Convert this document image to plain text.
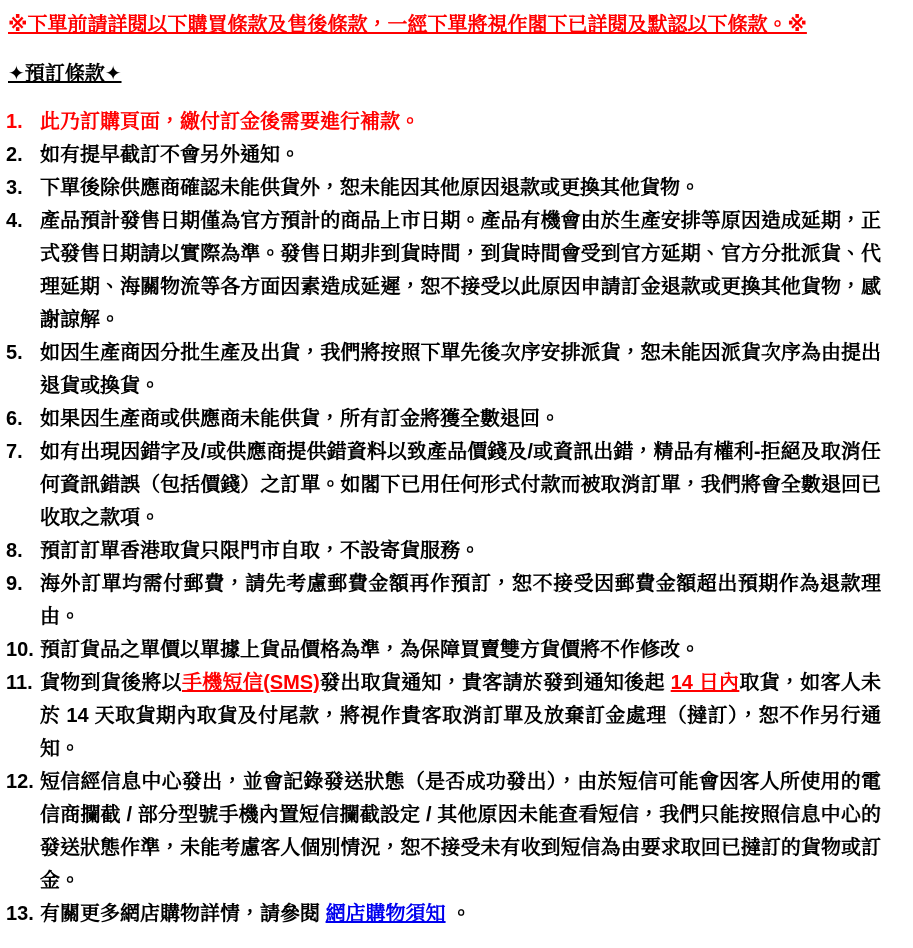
※下單前請詳閱以下購買條款及售後條款，一經下單將視作閣下已詳閱及默認以下條款。※

✦預訂條款✦
1. 此乃訂購頁面，繳付訂金後需要進行補款。
2. 如有提早截訂不會另外通知。
3. 下單後除供應商確認未能供貨外，恕未能因其他原因退款或更換其他貨物。
4. 產品預計發售日期僅為官方預計的商品上市日期。產品有機會由於生產安排等原因造成延期，正式發售日期請以實際為準。發售日期非到貨時間，到貨時間會受到官方延期、官方分批派貨、代理延期、海關物流等各方面因素造成延遲，恕不接受以此原因申請訂金退款或更換其他貨物，感謝諒解。
5. 如因生產商因分批生產及出貨，我們將按照下單先後次序安排派貨，恕未能因派貨次序為由提出退貨或換貨。
6. 如果因生產商或供應商未能供貨，所有訂金將獲全數退回。
7. 如有出現因錯字及/或供應商提供錯資料以致產品價錢及/或資訊出錯，精品有權利-拒絕及取消任何資訊錯誤（包括價錢）之訂單。如閣下已用任何形式付款而被取消訂單，我們將會全數退回已收取之款項。
8. 預訂訂單香港取貨只限門市自取，不設寄貨服務。
9. 海外訂單均需付郵費，請先考慮郵費金額再作預訂，恕不接受因郵費金額超出預期作為退款理由。
10. 預訂貨品之單價以單據上貨品價格為準，為保障買賣雙方貨價將不作修改。
11. 貨物到貨後將以手機短信(SMS)發出取貨通知，貴客請於發到通知後起 14 日內取貨，如客人未於 14 天取貨期內取貨及付尾款，將視作貴客取消訂單及放棄訂金處理（撻訂），恕不作另行通知。
12. 短信經信息中心發出，並會記錄發送狀態（是否成功發出），由於短信可能會因客人所使用的電信商攔截 / 部分型號手機內置短信攔截設定 / 其他原因未能查看短信，我們只能按照信息中心的發送狀態作準，未能考慮客人個別情況，恕不接受未有收到短信為由要求取回已撻訂的貨物或訂金。
13. 有關更多網店購物詳情，請參閱 網店購物須知 。
